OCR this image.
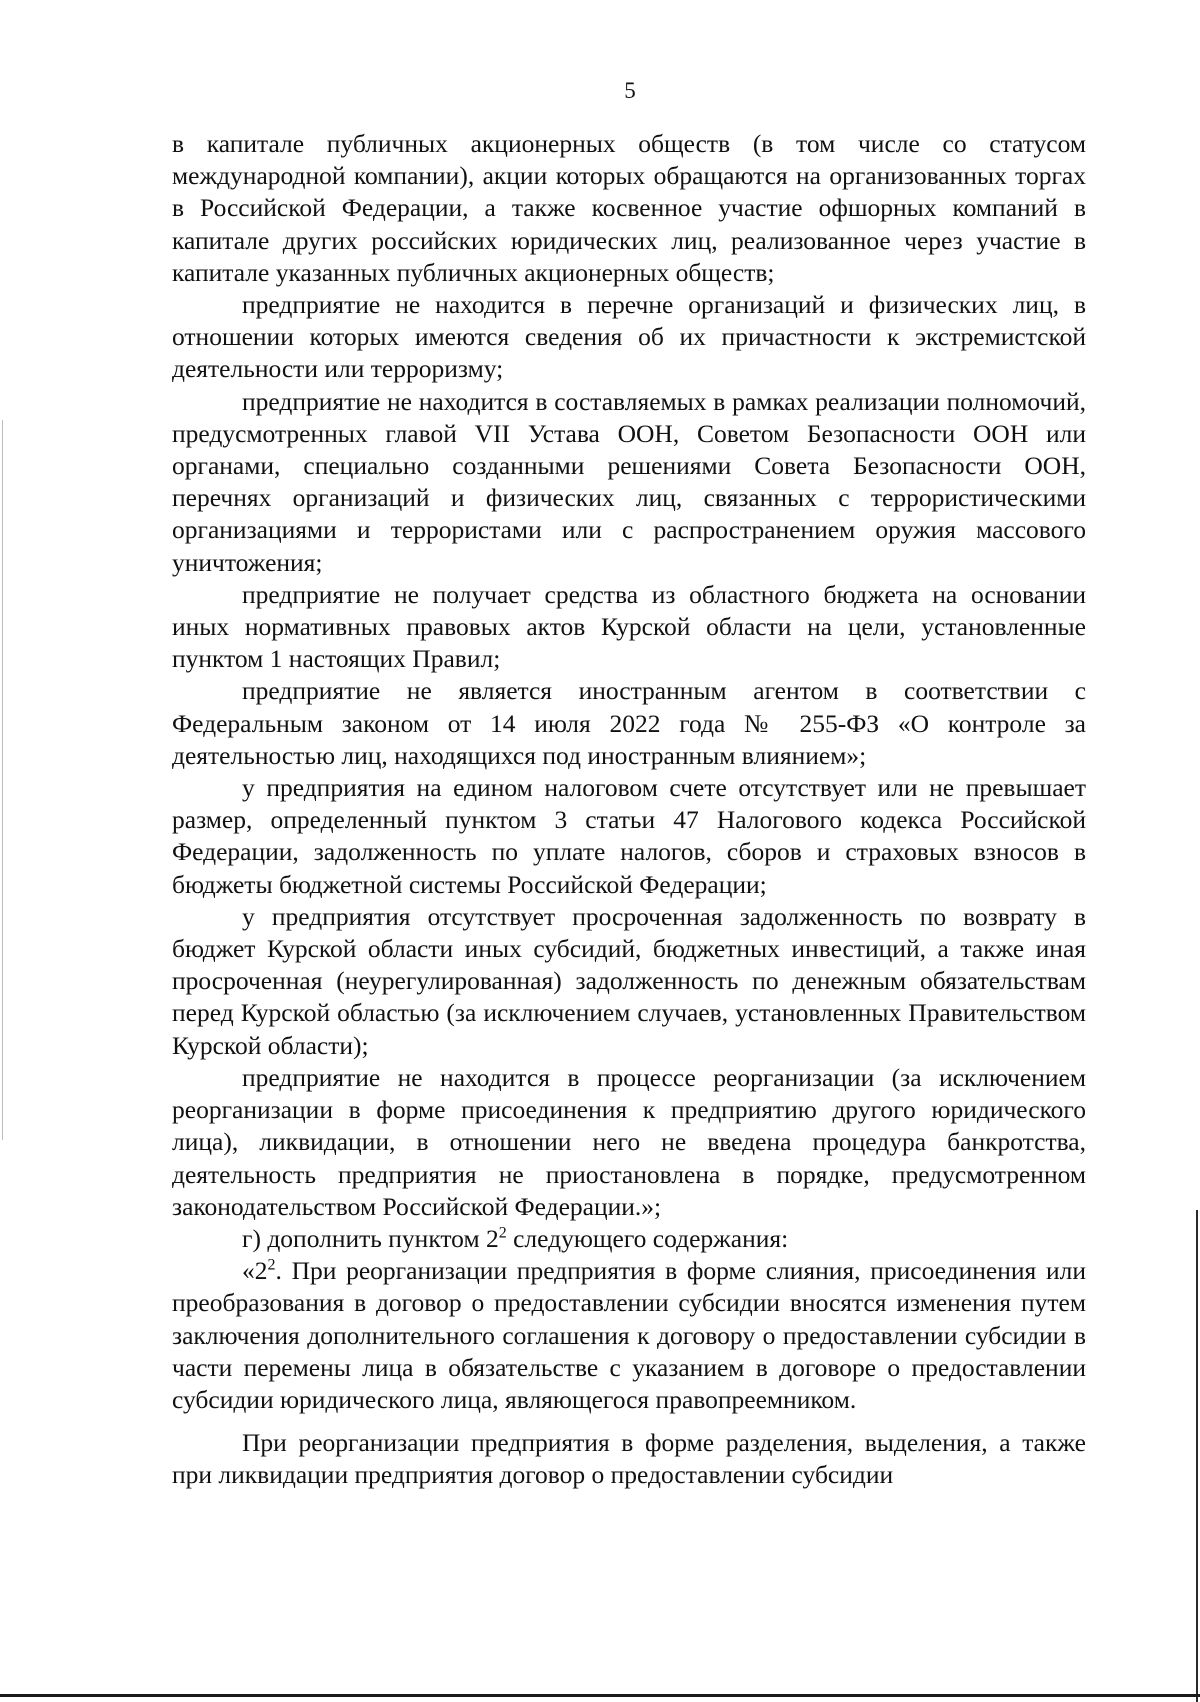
5

в капитале публичных акционерных обществ (в том числе со статусом международной компании), акции которых обращаются на организованных торгах в Российской Федерации, а также косвенное участие офшорных компаний в капитале других российских юридических лиц, реализованное через участие в капитале указанных публичных акционерных обществ;

предприятие не находится в перечне организаций и физических лиц, в отношении которых имеются сведения об их причастности к экстремистской деятельности или терроризму;

предприятие не находится в составляемых в рамках реализации полномочий, предусмотренных главой VII Устава ООН, Советом Безопасности ООН или органами, специально созданными решениями Совета Безопасности ООН, перечнях организаций и физических лиц, связанных с террористическими организациями и террористами или с распространением оружия массового уничтожения;

предприятие не получает средства из областного бюджета на основании иных нормативных правовых актов Курской области на цели, установленные пунктом 1 настоящих Правил;

предприятие не является иностранным агентом в соответствии с Федеральным законом от 14 июля 2022 года № 255-ФЗ «О контроле за деятельностью лиц, находящихся под иностранным влиянием»;

у предприятия на едином налоговом счете отсутствует или не превышает размер, определенный пунктом 3 статьи 47 Налогового кодекса Российской Федерации, задолженность по уплате налогов, сборов и страховых взносов в бюджеты бюджетной системы Российской Федерации;

у предприятия отсутствует просроченная задолженность по возврату в бюджет Курской области иных субсидий, бюджетных инвестиций, а также иная просроченная (неурегулированная) задолженность по денежным обязательствам перед Курской областью (за исключением случаев, установленных Правительством Курской области);

предприятие не находится в процессе реорганизации (за исключением реорганизации в форме присоединения к предприятию другого юридического лица), ликвидации, в отношении него не введена процедура банкротства, деятельность предприятия не приостановлена в порядке, предусмотренном законодательством Российской Федерации.»;

г) дополнить пунктом $2^2$ следующего содержания:

«$2^2$. При реорганизации предприятия в форме слияния, присоединения или преобразования в договор о предоставлении субсидии вносятся изменения путем заключения дополнительного соглашения к договору о предоставлении субсидии в части перемены лица в обязательстве с указанием в договоре о предоставлении субсидии юридического лица, являющегося правопреемником.

При реорганизации предприятия в форме разделения, выделения, а также при ликвидации предприятия договор о предоставлении субсидии
